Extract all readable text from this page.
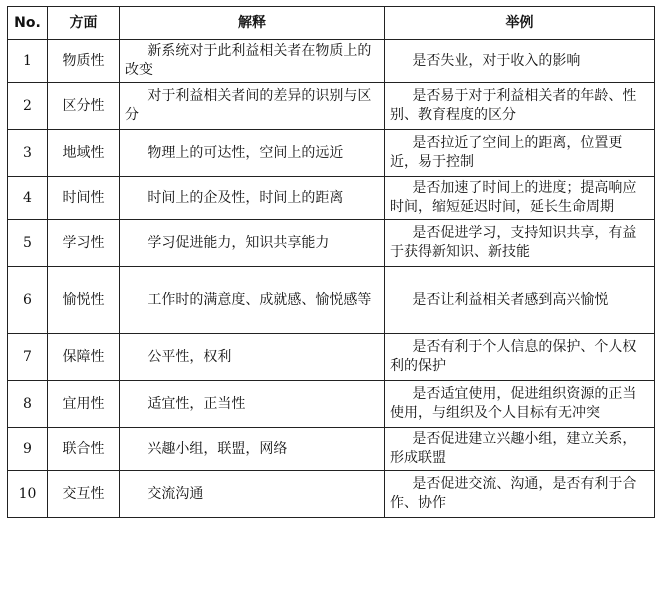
No.	方面	解释	举例
1	物质性	新系统对于此利益相关者在物质上的改变	是否失业，对于收入的影响
2	区分性	对于利益相关者间的差异的识别与区分	是否易于对于利益相关者的年龄、性别、教育程度的区分
3	地域性	物理上的可达性，空间上的远近	是否拉近了空间上的距离，位置更近，易于控制
4	时间性	时间上的企及性，时间上的距离	是否加速了时间上的进度；提高响应时间，缩短延迟时间，延长生命周期
5	学习性	学习促进能力，知识共享能力	是否促进学习，支持知识共享，有益于获得新知识、新技能
6	愉悦性	工作时的满意度、成就感、愉悦感等	是否让利益相关者感到高兴愉悦
7	保障性	公平性，权利	是否有利于个人信息的保护、个人权利的保护
8	宜用性	适宜性，正当性	是否适宜使用，促进组织资源的正当使用，与组织及个人目标有无冲突
9	联合性	兴趣小组，联盟，网络	是否促进建立兴趣小组，建立关系，形成联盟
10	交互性	交流沟通	是否促进交流、沟通，是否有利于合作、协作
